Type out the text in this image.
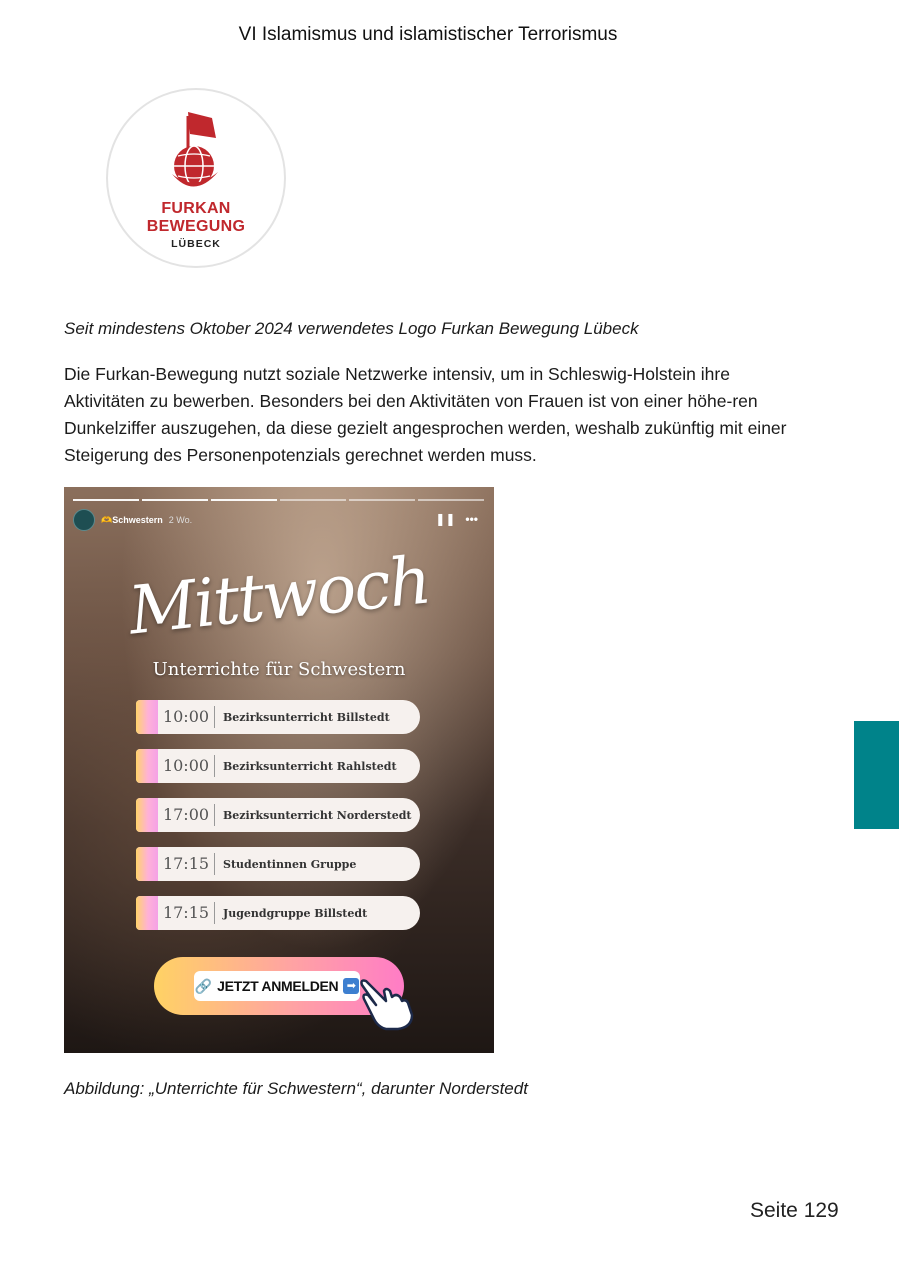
VI Islamismus und islamistischer Terrorismus
FURKAN
BEWEGUNG
LÜBECK
Seit mindestens Oktober 2024 verwendetes Logo Furkan Bewegung Lübeck
Die Furkan-Bewegung nutzt soziale Netzwerke intensiv, um in Schleswig-Holstein ihre Aktivitäten zu bewerben. Besonders bei den Aktivitäten von Frauen ist von einer höhe-ren Dunkelziffer auszugehen, da diese gezielt angesprochen werden, weshalb zukünftig mit einer Steigerung des Personenpotenzials gerechnet werden muss.
🫶Schwestern 2 Wo.	❚❚ •••
Mittwoch
Unterrichte für Schwestern
10:00	Bezirksunterricht Billstedt
10:00	Bezirksunterricht Rahlstedt
17:00	Bezirksunterricht Norderstedt
17:15	Studentinnen Gruppe
17:15	Jugendgruppe Billstedt
🔗 JETZT ANMELDEN ➡
Abbildung: „Unterrichte für Schwestern“, darunter Norderstedt
Seite 129
